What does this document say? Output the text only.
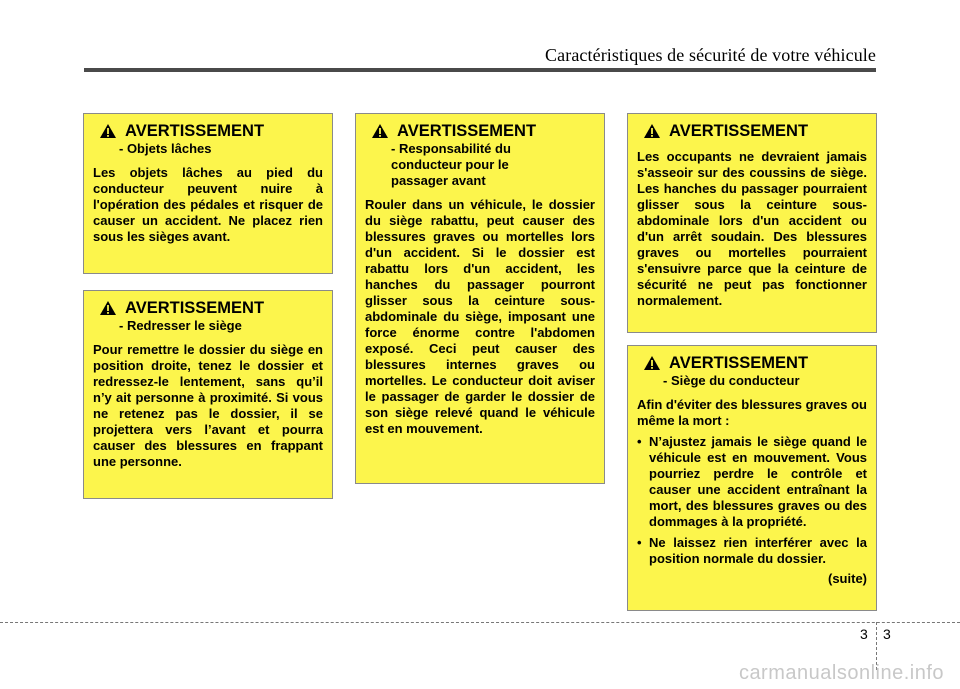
Caractéristiques de sécurité de votre véhicule
AVERTISSEMENT
- Objets lâches
Les objets lâches au pied du conducteur peuvent nuire à l'opération des pédales et risquer de causer un accident. Ne placez rien sous les sièges avant.
AVERTISSEMENT
- Redresser le siège
Pour remettre le dossier du siège en position droite, tenez le dossier et redressez-le lentement, sans qu’il n’y ait personne à proximité. Si vous ne retenez pas le dossier, il se projettera vers l’avant et pourra causer des blessures en frappant une personne.
AVERTISSEMENT
- Responsabilité du conducteur pour le passager avant
Rouler dans un véhicule, le dossier du siège rabattu, peut causer des blessures graves ou mortelles lors d'un accident. Si le dossier est rabattu lors d'un accident, les hanches du passager pourront glisser sous la ceinture sous-abdominale du siège, imposant une force énorme contre l'abdomen exposé. Ceci peut causer des blessures internes graves ou mortelles. Le conducteur doit aviser le passager de garder le dossier de son siège relevé quand le véhicule est en mouvement.
AVERTISSEMENT
Les occupants ne devraient jamais s'asseoir sur des coussins de siège. Les hanches du passager pourraient glisser sous la ceinture sous-abdominale lors d'un accident ou d'un arrêt soudain. Des blessures graves ou mortelles pourraient s'ensuivre parce que la ceinture de sécurité ne peut pas fonctionner normalement.
AVERTISSEMENT
- Siège du conducteur
Afin d'éviter des blessures graves ou même la mort :
• N’ajustez jamais le siège quand le véhicule est en mouvement. Vous pourriez perdre le contrôle et causer une accident entraînant la mort, des blessures graves ou des dommages à la propriété.
• Ne laissez rien interférer avec la position normale du dossier.
(suite)
3 3
carmanualsonline.info
